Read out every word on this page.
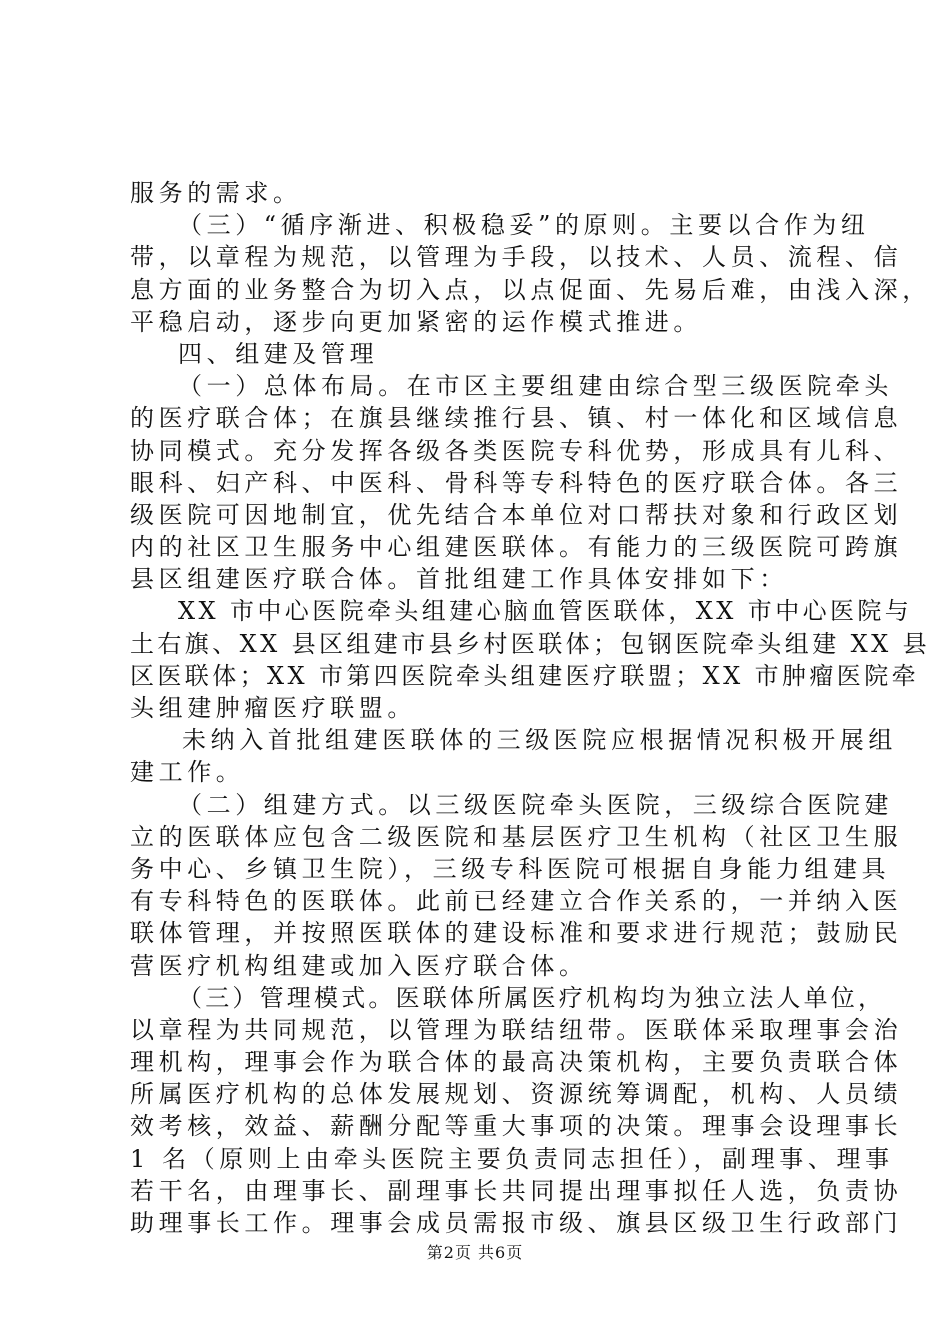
服务的需求。
（三）“循序渐进、积极稳妥”的原则。主要以合作为纽
带，以章程为规范，以管理为手段，以技术、人员、流程、信
息方面的业务整合为切入点，以点促面、先易后难，由浅入深，
平稳启动，逐步向更加紧密的运作模式推进。
四、组建及管理
（一）总体布局。在市区主要组建由综合型三级医院牵头
的医疗联合体；在旗县继续推行县、镇、村一体化和区域信息
协同模式。充分发挥各级各类医院专科优势，形成具有儿科、
眼科、妇产科、中医科、骨科等专科特色的医疗联合体。各三
级医院可因地制宜，优先结合本单位对口帮扶对象和行政区划
内的社区卫生服务中心组建医联体。有能力的三级医院可跨旗
县区组建医疗联合体。首批组建工作具体安排如下：
XX 市中心医院牵头组建心脑血管医联体，XX 市中心医院与
土右旗、XX 县区组建市县乡村医联体；包钢医院牵头组建 XX 县
区医联体；XX 市第四医院牵头组建医疗联盟；XX 市肿瘤医院牵
头组建肿瘤医疗联盟。
未纳入首批组建医联体的三级医院应根据情况积极开展组
建工作。
（二）组建方式。以三级医院牵头医院，三级综合医院建
立的医联体应包含二级医院和基层医疗卫生机构（社区卫生服
务中心、乡镇卫生院），三级专科医院可根据自身能力组建具
有专科特色的医联体。此前已经建立合作关系的，一并纳入医
联体管理，并按照医联体的建设标准和要求进行规范；鼓励民
营医疗机构组建或加入医疗联合体。
（三）管理模式。医联体所属医疗机构均为独立法人单位，
以章程为共同规范，以管理为联结纽带。医联体采取理事会治
理机构，理事会作为联合体的最高决策机构，主要负责联合体
所属医疗机构的总体发展规划、资源统筹调配，机构、人员绩
效考核，效益、薪酬分配等重大事项的决策。理事会设理事长
1 名（原则上由牵头医院主要负责同志担任），副理事、理事
若干名，由理事长、副理事长共同提出理事拟任人选，负责协
助理事长工作。理事会成员需报市级、旗县区级卫生行政部门
第2页 共6页
